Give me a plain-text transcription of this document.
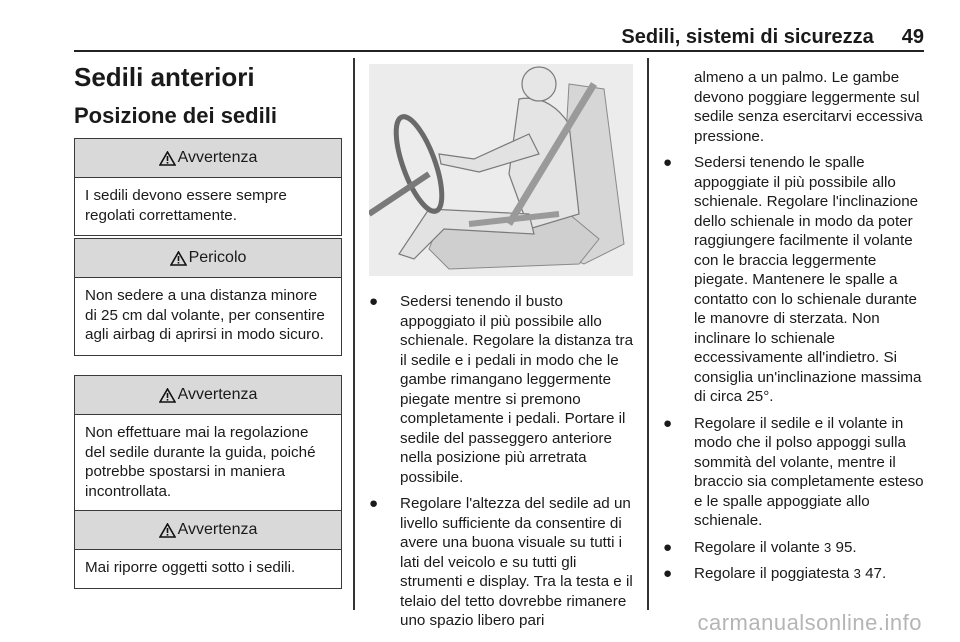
Sedili, sistemi di sicurezza 49
Sedili anteriori
Posizione dei sedili
Avvertenza
I sedili devono essere sempre regolati correttamente.
Pericolo
Non sedere a una distanza minore di 25 cm dal volante, per consentire agli airbag di aprirsi in modo sicuro.
Avvertenza
Non effettuare mai la regolazione del sedile durante la guida, poiché potrebbe spostarsi in maniera incontrollata.
Avvertenza
Mai riporre oggetti sotto i sedili.
● Sedersi tenendo il busto appoggiato il più possibile allo schienale. Regolare la distanza tra il sedile e i pedali in modo che le gambe rimangano leggermente piegate mentre si premono completamente i pedali. Portare il sedile del passeggero anteriore nella posizione più arretrata possibile.
● Regolare l'altezza del sedile ad un livello sufficiente da consentire di avere una buona visuale su tutti i lati del veicolo e su tutti gli strumenti e display. Tra la testa e il telaio del tetto dovrebbe rimanere uno spazio libero pari
almeno a un palmo. Le gambe devono poggiare leggermente sul sedile senza esercitarvi eccessiva pressione.
● Sedersi tenendo le spalle appoggiate il più possibile allo schienale. Regolare l'inclinazione dello schienale in modo da poter raggiungere facilmente il volante con le braccia leggermente piegate. Mantenere le spalle a contatto con lo schienale durante le manovre di sterzata. Non inclinare lo schienale eccessivamente all'indietro. Si consiglia un'inclinazione massima di circa 25°.
● Regolare il sedile e il volante in modo che il polso appoggi sulla sommità del volante, mentre il braccio sia completamente esteso e le spalle appoggiate allo schienale.
● Regolare il volante 3 95.
● Regolare il poggiatesta 3 47.
carmanualsonline.info
